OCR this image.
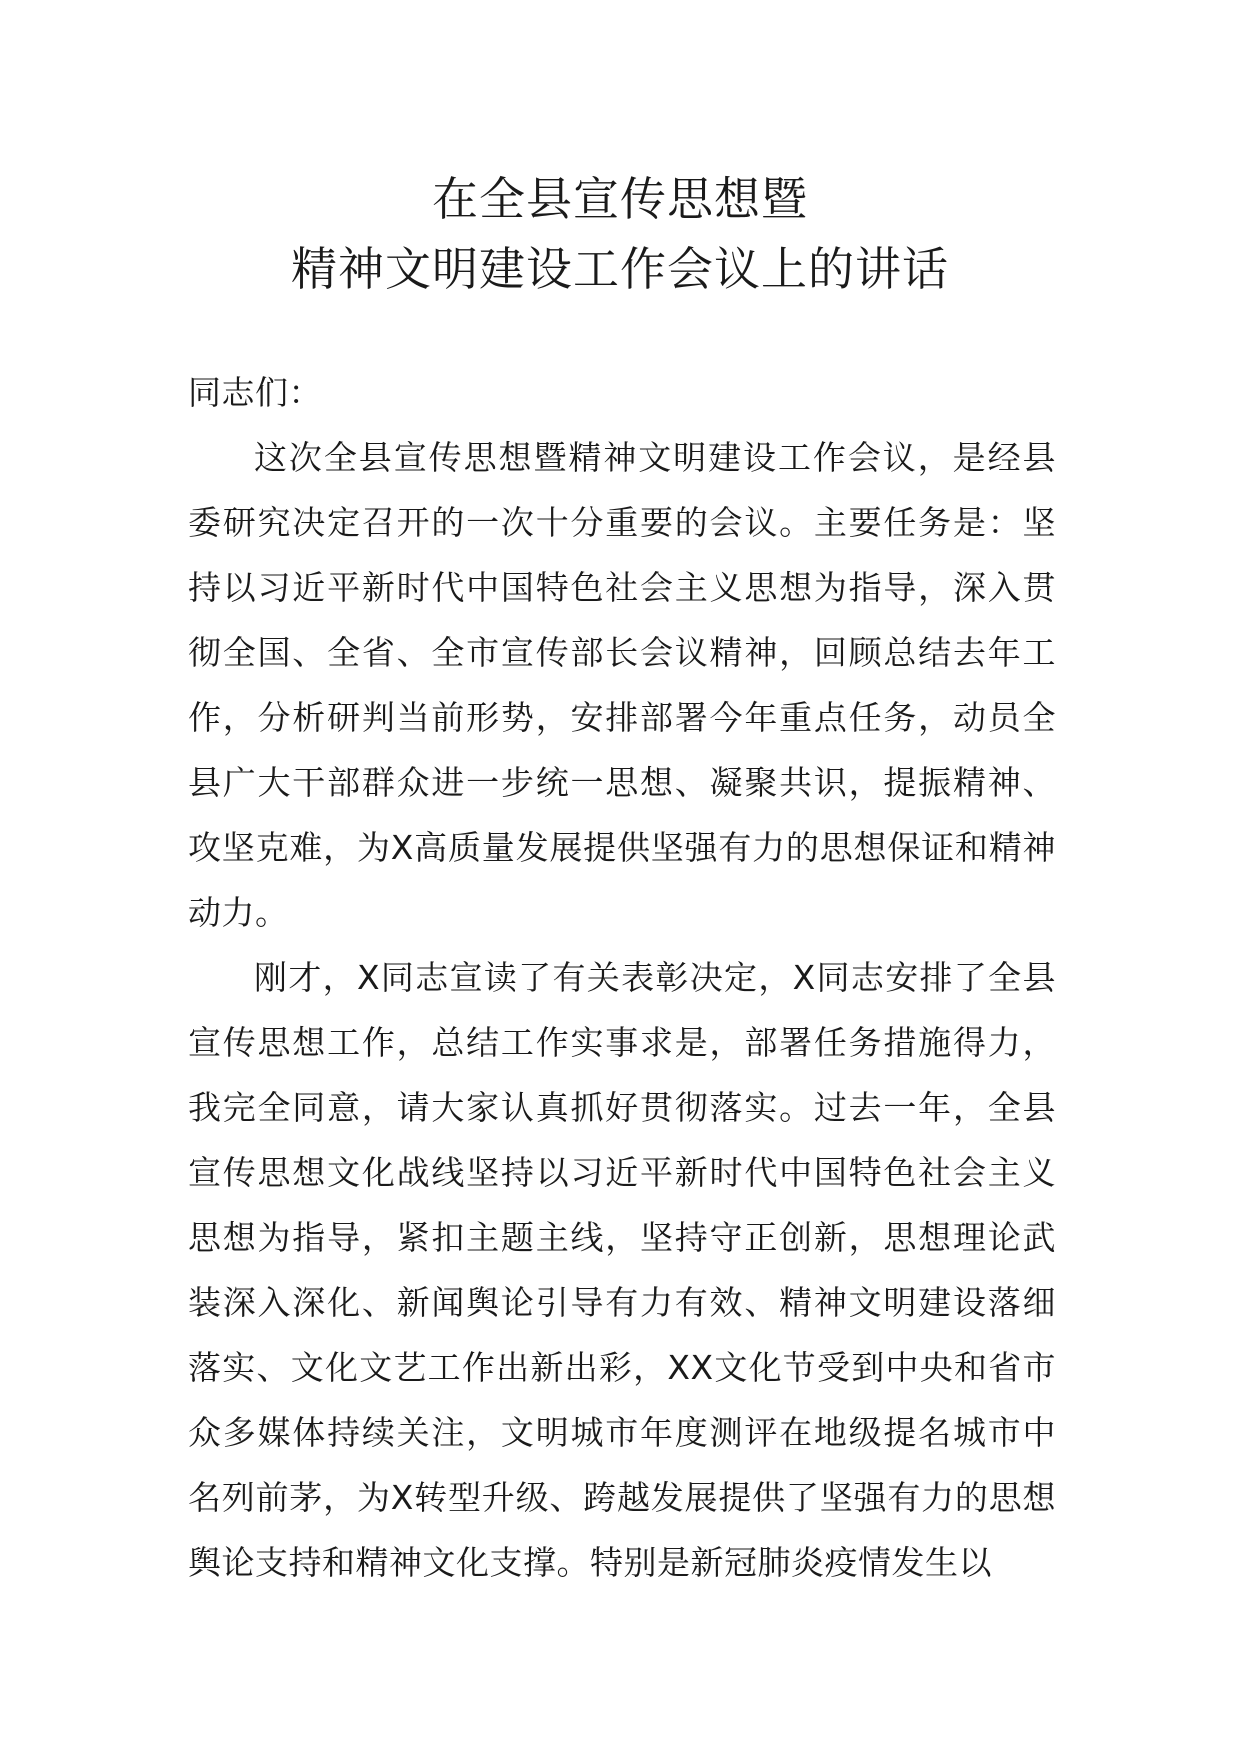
在全县宣传思想暨
精神文明建设工作会议上的讲话

同志们：

这次全县宣传思想暨精神文明建设工作会议，是经县委研究决定召开的一次十分重要的会议。主要任务是：坚持以习近平新时代中国特色社会主义思想为指导，深入贯彻全国、全省、全市宣传部长会议精神，回顾总结去年工作，分析研判当前形势，安排部署今年重点任务，动员全县广大干部群众进一步统一思想、凝聚共识，提振精神、攻坚克难，为X高质量发展提供坚强有力的思想保证和精神动力。

刚才，X同志宣读了有关表彰决定，X同志安排了全县宣传思想工作，总结工作实事求是，部署任务措施得力，我完全同意，请大家认真抓好贯彻落实。过去一年，全县宣传思想文化战线坚持以习近平新时代中国特色社会主义思想为指导，紧扣主题主线，坚持守正创新，思想理论武装深入深化、新闻舆论引导有力有效、精神文明建设落细落实、文化文艺工作出新出彩，XX文化节受到中央和省市众多媒体持续关注，文明城市年度测评在地级提名城市中名列前茅，为X转型升级、跨越发展提供了坚强有力的思想舆论支持和精神文化支撑。特别是新冠肺炎疫情发生以
